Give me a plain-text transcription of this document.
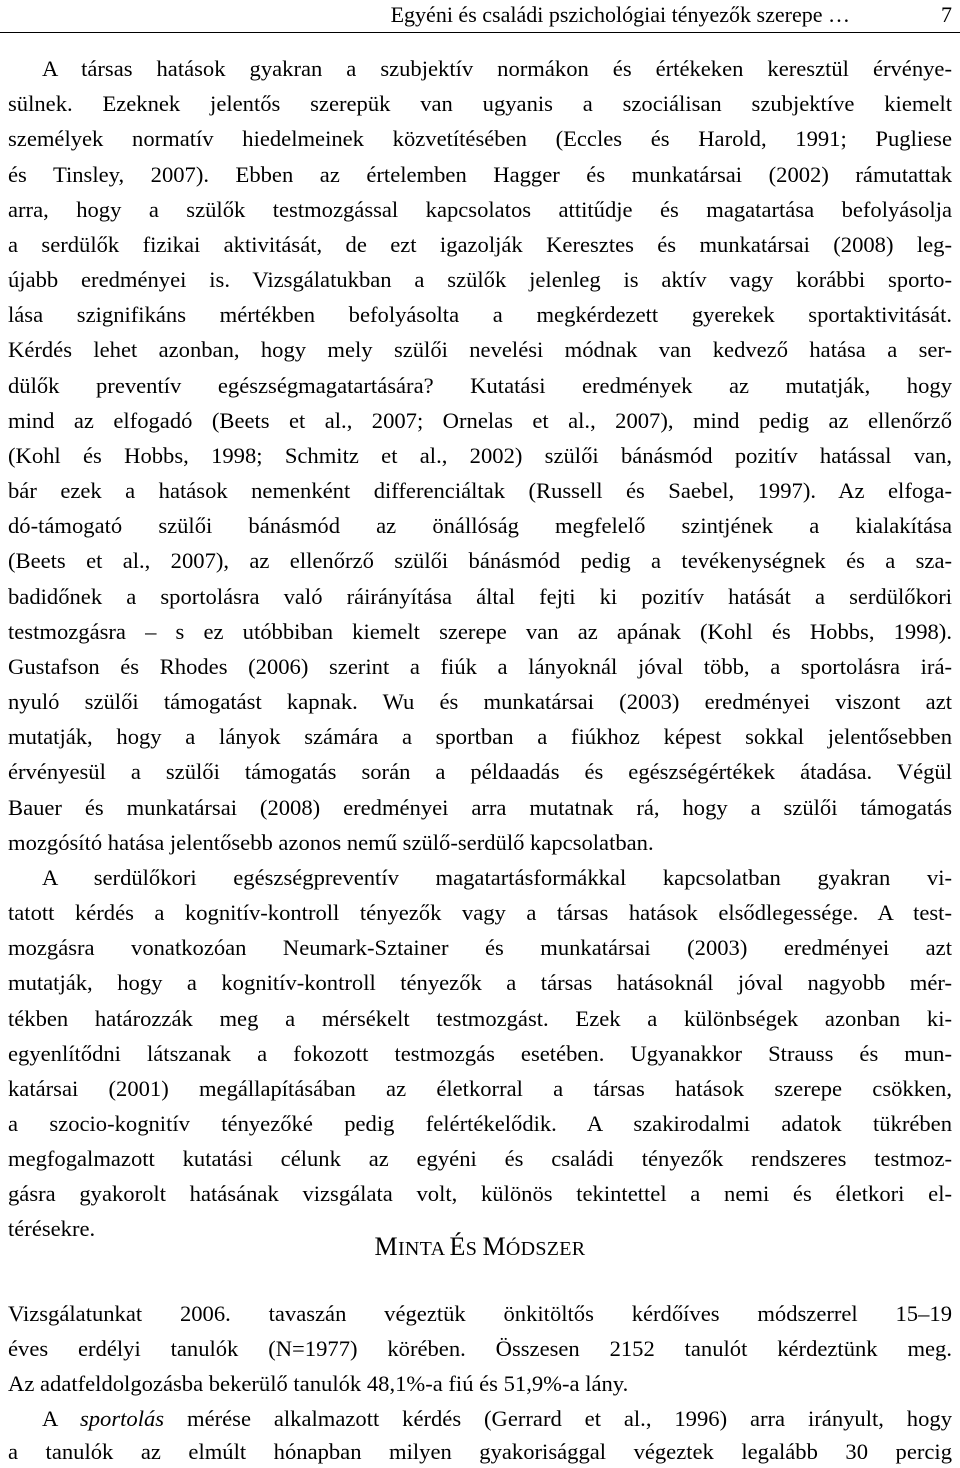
Egyéni és családi pszichológiai tényezők szerepe …	7
A társas hatások gyakran a szubjektív normákon és értékeken keresztül érvénye-
sülnek. Ezeknek jelentős szerepük van ugyanis a szociálisan szubjektíve kiemelt
személyek normatív hiedelmeinek közvetítésében (Eccles és Harold, 1991; Pugliese
és Tinsley, 2007). Ebben az értelemben Hagger és munkatársai (2002) rámutattak
arra, hogy a szülők testmozgással kapcsolatos attitűdje és magatartása befolyásolja
a serdülők fizikai aktivitását, de ezt igazolják Keresztes és munkatársai (2008) leg-
újabb eredményei is. Vizsgálatukban a szülők jelenleg is aktív vagy korábbi sporto-
lása szignifikáns mértékben befolyásolta a megkérdezett gyerekek sportaktivitását.
Kérdés lehet azonban, hogy mely szülői nevelési módnak van kedvező hatása a ser-
dülők preventív egészségmagatartására? Kutatási eredmények az mutatják, hogy
mind az elfogadó (Beets et al., 2007; Ornelas et al., 2007), mind pedig az ellenőrző
(Kohl és Hobbs, 1998; Schmitz et al., 2002) szülői bánásmód pozitív hatással van,
bár ezek a hatások nemenként differenciáltak (Russell és Saebel, 1997). Az elfoga-
dó-támogató szülői bánásmód az önállóság megfelelő szintjének a kialakítása
(Beets et al., 2007), az ellenőrző szülői bánásmód pedig a tevékenységnek és a sza-
badidőnek a sportolásra való ráirányítása által fejti ki pozitív hatását a serdülőkori
testmozgásra – s ez utóbbiban kiemelt szerepe van az apának (Kohl és Hobbs, 1998).
Gustafson és Rhodes (2006) szerint a fiúk a lányoknál jóval több, a sportolásra irá-
nyuló szülői támogatást kapnak. Wu és munkatársai (2003) eredményei viszont azt
mutatják, hogy a lányok számára a sportban a fiúkhoz képest sokkal jelentősebben
érvényesül a szülői támogatás során a példaadás és egészségértékek átadása. Végül
Bauer és munkatársai (2008) eredményei arra mutatnak rá, hogy a szülői támogatás
mozgósító hatása jelentősebb azonos nemű szülő-serdülő kapcsolatban.
A serdülőkori egészségpreventív magatartásformákkal kapcsolatban gyakran vi-
tatott kérdés a kognitív-kontroll tényezők vagy a társas hatások elsődlegessége. A test-
mozgásra vonatkozóan Neumark-Sztainer és munkatársai (2003) eredményei azt
mutatják, hogy a kognitív-kontroll tényezők a társas hatásoknál jóval nagyobb mér-
tékben határozzák meg a mérsékelt testmozgást. Ezek a különbségek azonban ki-
egyenlítődni látszanak a fokozott testmozgás esetében. Ugyanakkor Strauss és mun-
katársai (2001) megállapításában az életkorral a társas hatások szerepe csökken,
a szocio-kognitív tényezőké pedig felértékelődik. A szakirodalmi adatok tükrében
megfogalmazott kutatási célunk az egyéni és családi tényezők rendszeres testmoz-
gásra gyakorolt hatásának vizsgálata volt, különös tekintettel a nemi és életkori el-
térésekre.
MINTA ÉS MÓDSZER
Vizsgálatunkat 2006. tavaszán végeztük önkitöltős kérdőíves módszerrel 15–19
éves erdélyi tanulók (N=1977) körében. Összesen 2152 tanulót kérdeztünk meg.
Az adatfeldolgozásba bekerülő tanulók 48,1%-a fiú és 51,9%-a lány.
A sportolás mérése alkalmazott kérdés (Gerrard et al., 1996) arra irányult, hogy
a tanulók az elmúlt hónapban milyen gyakorisággal végeztek legalább 30 percig
